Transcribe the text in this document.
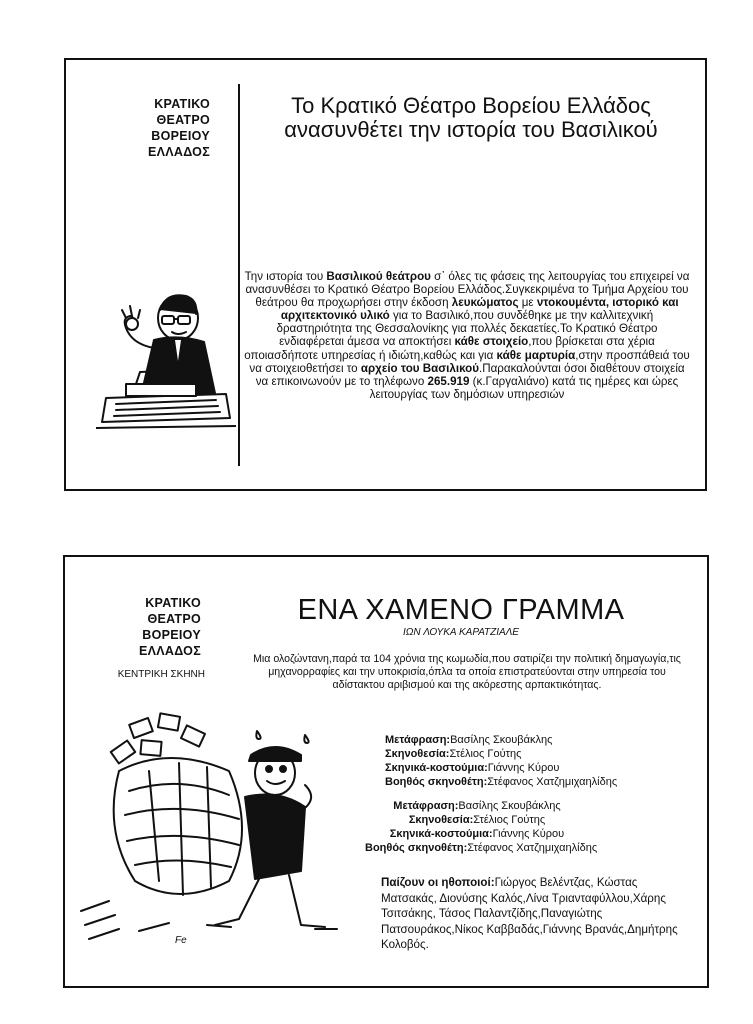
ΚΡΑΤΙΚΟ
ΘΕΑΤΡΟ
ΒΟΡΕΙΟΥ
ΕΛΛΑΔΟΣ
Το Κρατικό Θέατρο Βορείου Ελλάδος
ανασυνθέτει την ιστορία του Βασιλικού
Την ιστορία του Βασιλικού θεάτρου σ᾽ όλες τις φάσεις της λειτουργίας του επιχειρεί να ανασυνθέσει το Κρατικό Θέατρο Βορείου Ελλάδος.Συγκεκριμένα το Τμήμα Αρχείου του θεάτρου θα προχωρήσει στην έκδοση λευκώματος με ντοκουμέντα, ιστορικό και αρχιτεκτονικό υλικό για το Βασιλικό,που συνδέθηκε με την καλλιτεχνική δραστηριότητα της Θεσσαλονίκης για πολλές δεκαετίες.Το Κρατικό Θέατρο ενδιαφέρεται άμεσα να αποκτήσει κάθε στοιχείο,που βρίσκεται στα χέρια οποιασδήποτε υπηρεσίας ή ιδιώτη,καθώς και για κάθε μαρτυρία,στην προσπάθειά του να στοιχειοθετήσει το αρχείο του Βασιλικού.Παρακαλούνται όσοι διαθέτουν στοιχεία να επικοινωνούν με το τηλέφωνο 265.919 (κ.Γαργαλιάνο) κατά τις ημέρες και ώρες λειτουργίας των δημόσιων υπηρεσιών
ΚΡΑΤΙΚΟ
ΘΕΑΤΡΟ
ΒΟΡΕΙΟΥ
ΕΛΛΑΔΟΣ
ΚΕΝΤΡΙΚΗ ΣΚΗΝΗ
ΕΝΑ ΧΑΜΕΝΟ ΓΡΑΜΜΑ
ΙΩΝ ΛΟΥΚΑ ΚΑΡΑΤΖΙΑΛΕ
Μια ολοζώντανη,παρά τα 104 χρόνια της κωμωδία,που σατιρίζει την πολιτική δημαγωγία,τις μηχανορραφίες και την υποκρισία,όπλα τα οποία επιστρατεύονται στην υπηρεσία του αδίστακτου αριβισμού και της ακόρεστης αρπακτικότητας.
Μετάφραση:Βασίλης Σκουβάκλης
Σκηνοθεσία:Στέλιος Γούτης
Σκηνικά-κοστούμια:Γιάννης Κύρου
Βοηθός σκηνοθέτη:Στέφανος Χατζημιχαηλίδης
Μετάφραση:Βασίλης Σκουβάκλης
Σκηνοθεσία:Στέλιος Γούτης
Σκηνικά-κοστούμια:Γιάννης Κύρου
Βοηθός σκηνοθέτη:Στέφανος Χατζημιχαηλίδης
Παίζουν οι ηθοποιοί:Γιώργος Βελέντζας, Κώστας Ματσακάς, Διονύσης Καλός,Λίνα Τριανταφύλλου,Χάρης Τσιτσάκης, Τάσος Παλαντζίδης,Παναγιώτης Πατσουράκος,Νίκος Καββαδάς,Γιάννης Βρανάς,Δημήτρης Κολοβός.
Fe
